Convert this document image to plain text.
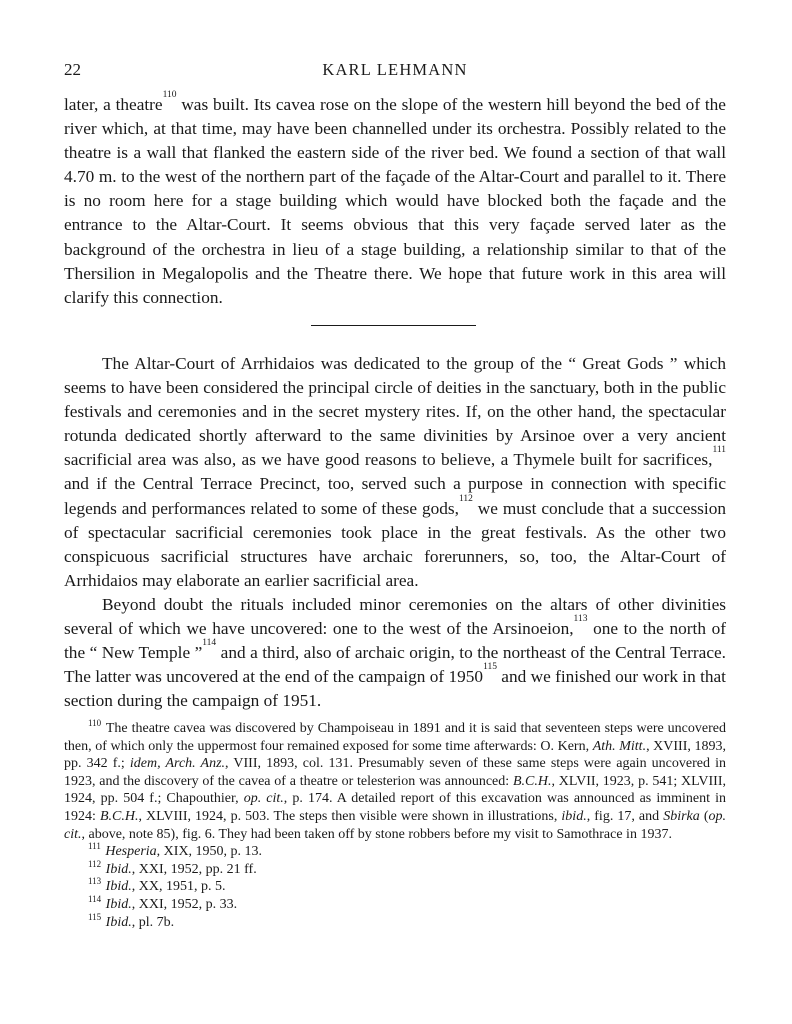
22	KARL LEHMANN

later, a theatre$^{110}$ was built. Its cavea rose on the slope of the western hill beyond the bed of the river which, at that time, may have been channelled under its orchestra. Possibly related to the theatre is a wall that flanked the eastern side of the river bed. We found a section of that wall 4.70 m. to the west of the northern part of the façade of the Altar-Court and parallel to it. There is no room here for a stage building which would have blocked both the façade and the entrance to the Altar-Court. It seems obvious that this very façade served later as the background of the orchestra in lieu of a stage building, a relationship similar to that of the Thersilion in Megalopolis and the Theatre there. We hope that future work in this area will clarify this connection.

The Altar-Court of Arrhidaios was dedicated to the group of the “ Great Gods ” which seems to have been considered the principal circle of deities in the sanctuary, both in the public festivals and ceremonies and in the secret mystery rites. If, on the other hand, the spectacular rotunda dedicated shortly afterward to the same divinities by Arsinoe over a very ancient sacrificial area was also, as we have good reasons to believe, a Thymele built for sacrifices,$^{111}$ and if the Central Terrace Precinct, too, served such a purpose in connection with specific legends and performances related to some of these gods,$^{112}$ we must conclude that a succession of spectacular sacrificial ceremonies took place in the great festivals. As the other two conspicuous sacrificial structures have archaic forerunners, so, too, the Altar-Court of Arrhidaios may elaborate an earlier sacrificial area.

Beyond doubt the rituals included minor ceremonies on the altars of other divinities several of which we have uncovered: one to the west of the Arsinoeion,$^{113}$ one to the north of the “ New Temple ”$^{114}$ and a third, also of archaic origin, to the northeast of the Central Terrace. The latter was uncovered at the end of the campaign of 1950$^{115}$ and we finished our work in that section during the campaign of 1951.

$^{110}$ The theatre cavea was discovered by Champoiseau in 1891 and it is said that seventeen steps were uncovered then, of which only the uppermost four remained exposed for some time afterwards: O. Kern, Ath. Mitt., XVIII, 1893, pp. 342 f.; idem, Arch. Anz., VIII, 1893, col. 131. Presumably seven of these same steps were again uncovered in 1923, and the discovery of the cavea of a theatre or telesterion was announced: B.C.H., XLVII, 1923, p. 541; XLVIII, 1924, pp. 504 f.; Chapouthier, op. cit., p. 174. A detailed report of this excavation was announced as imminent in 1924: B.C.H., XLVIII, 1924, p. 503. The steps then visible were shown in illustrations, ibid., fig. 17, and Sbirka (op. cit., above, note 85), fig. 6. They had been taken off by stone robbers before my visit to Samothrace in 1937.

$^{111}$ Hesperia, XIX, 1950, p. 13.

$^{112}$ Ibid., XXI, 1952, pp. 21 ff.

$^{113}$ Ibid., XX, 1951, p. 5.

$^{114}$ Ibid., XXI, 1952, p. 33.

$^{115}$ Ibid., pl. 7b.
